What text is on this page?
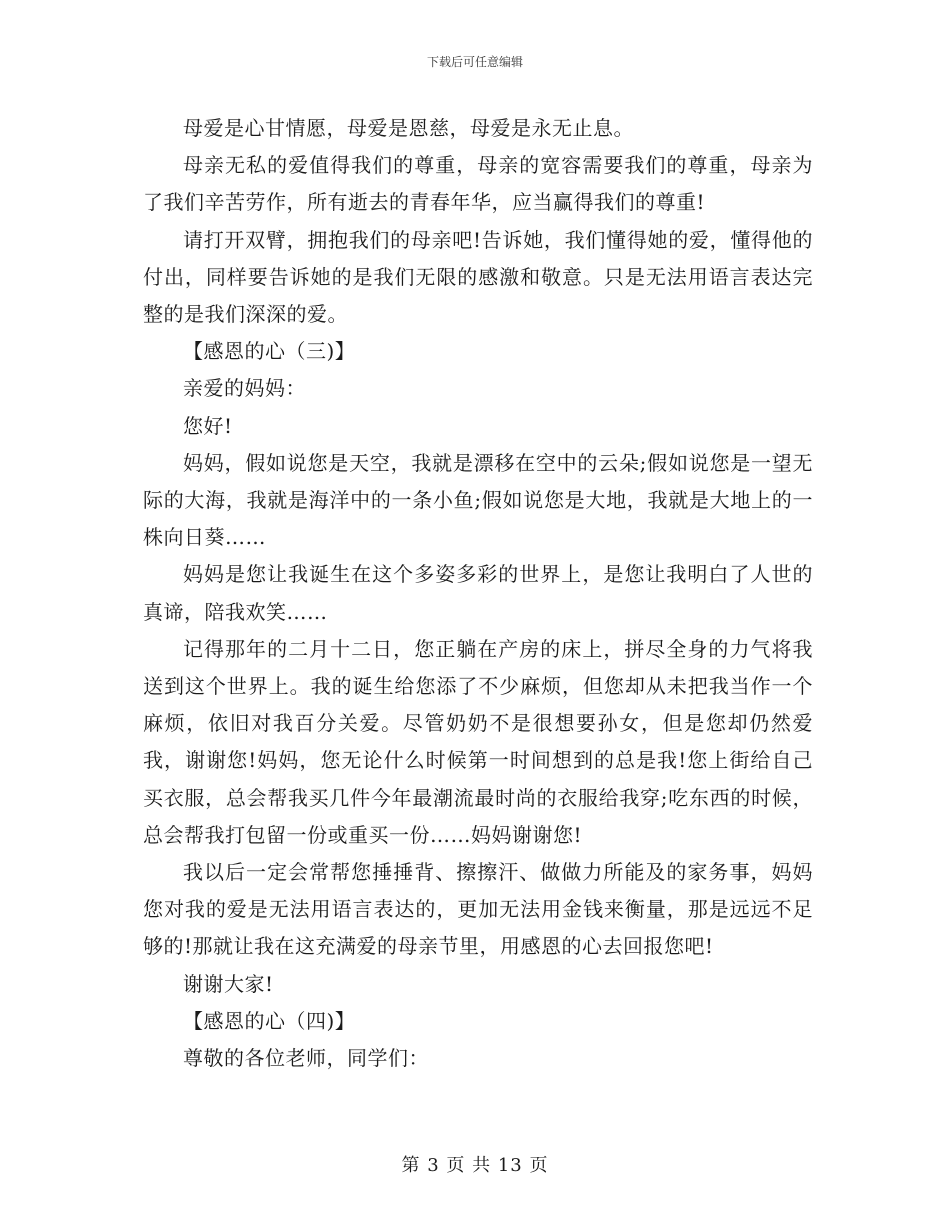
下载后可任意编辑

母爱是心甘情愿，母爱是恩慈，母爱是永无止息。

母亲无私的爱值得我们的尊重，母亲的宽容需要我们的尊重，母亲为了我们辛苦劳作，所有逝去的青春年华，应当赢得我们的尊重!

请打开双臂，拥抱我们的母亲吧!告诉她，我们懂得她的爱，懂得他的付出，同样要告诉她的是我们无限的感激和敬意。只是无法用语言表达完整的是我们深深的爱。

【感恩的心（三)】

亲爱的妈妈：

您好!

妈妈，假如说您是天空，我就是漂移在空中的云朵;假如说您是一望无际的大海，我就是海洋中的一条小鱼;假如说您是大地，我就是大地上的一株向日葵……

妈妈是您让我诞生在这个多姿多彩的世界上，是您让我明白了人世的真谛，陪我欢笑……

记得那年的二月十二日，您正躺在产房的床上，拼尽全身的力气将我送到这个世界上。我的诞生给您添了不少麻烦，但您却从未把我当作一个麻烦，依旧对我百分关爱。尽管奶奶不是很想要孙女，但是您却仍然爱我，谢谢您!妈妈，您无论什么时候第一时间想到的总是我!您上街给自己买衣服，总会帮我买几件今年最潮流最时尚的衣服给我穿;吃东西的时候，总会帮我打包留一份或重买一份……妈妈谢谢您!

我以后一定会常帮您捶捶背、擦擦汗、做做力所能及的家务事，妈妈您对我的爱是无法用语言表达的，更加无法用金钱来衡量，那是远远不足够的!那就让我在这充满爱的母亲节里，用感恩的心去回报您吧!

谢谢大家!

【感恩的心（四)】

尊敬的各位老师，同学们：

第 3 页 共 13 页
